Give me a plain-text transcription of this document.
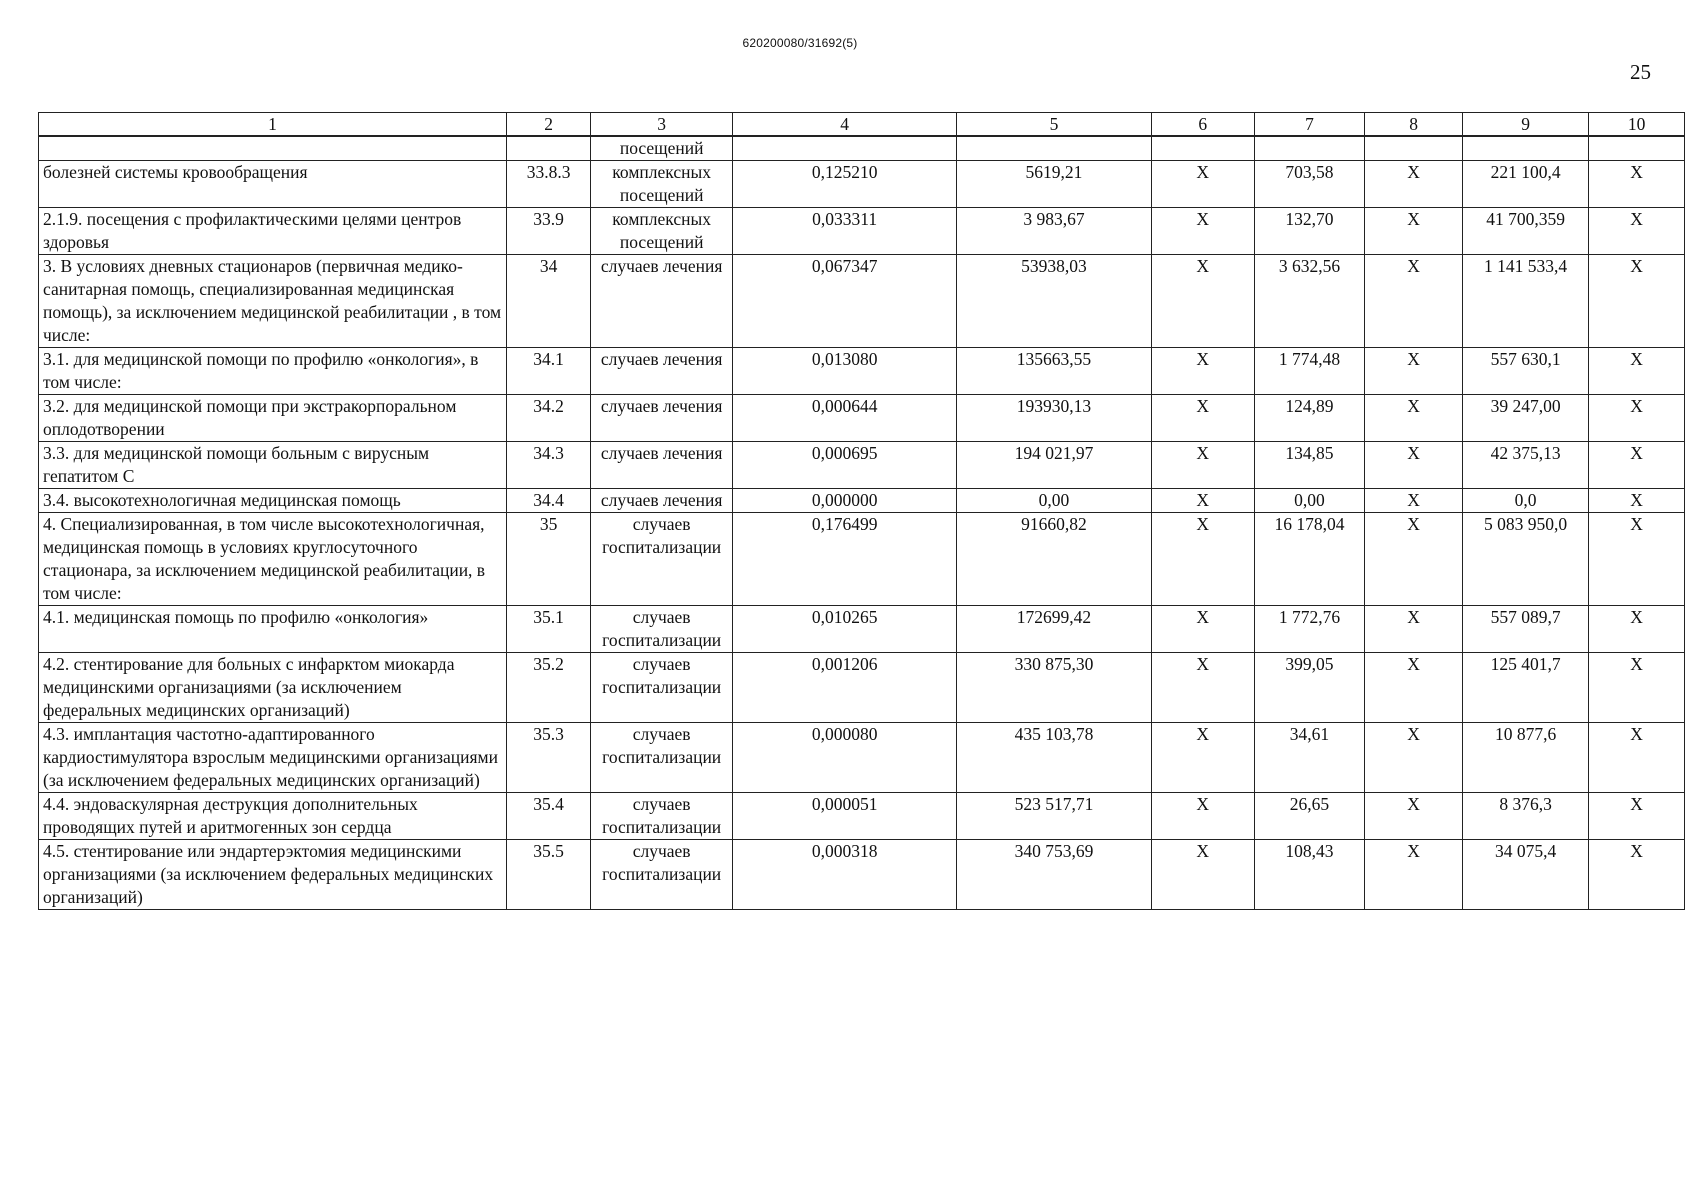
620200080/31692(5)
25
1	2	3	4	5	6	7	8	9	10
		посещений							
болезней системы кровообращения	33.8.3	комплексных посещений	0,125210	5619,21	X	703,58	X	221 100,4	X
2.1.9. посещения с профилактическими целями центров здоровья	33.9	комплексных посещений	0,033311	3 983,67	X	132,70	X	41 700,359	X
3. В условиях дневных стационаров (первичная медико-санитарная помощь, специализированная медицинская помощь), за исключением медицинской реабилитации , в том числе:	34	случаев лечения	0,067347	53938,03	X	3 632,56	X	1 141 533,4	X
3.1. для медицинской помощи по профилю «онкология», в том числе:	34.1	случаев лечения	0,013080	135663,55	X	1 774,48	X	557 630,1	X
3.2. для медицинской помощи при экстракорпоральном оплодотворении	34.2	случаев лечения	0,000644	193930,13	X	124,89	X	39 247,00	X
3.3. для медицинской помощи больным с вирусным гепатитом С	34.3	случаев лечения	0,000695	194 021,97	X	134,85	X	42 375,13	X
3.4. высокотехнологичная медицинская помощь	34.4	случаев лечения	0,000000	0,00	X	0,00	X	0,0	X
4. Специализированная, в том числе высокотехнологичная, медицинская помощь в условиях круглосуточного стационара, за исключением медицинской реабилитации, в том числе:	35	случаев госпитализации	0,176499	91660,82	X	16 178,04	X	5 083 950,0	X
4.1. медицинская помощь по профилю «онкология»	35.1	случаев госпитализации	0,010265	172699,42	X	1 772,76	X	557 089,7	X
4.2. стентирование для больных с инфарктом миокарда медицинскими организациями (за исключением федеральных медицинских организаций)	35.2	случаев госпитализации	0,001206	330 875,30	X	399,05	X	125 401,7	X
4.3. имплантация частотно-адаптированного кардиостимулятора взрослым медицинскими организациями (за исключением федеральных медицинских организаций)	35.3	случаев госпитализации	0,000080	435 103,78	X	34,61	X	10 877,6	X
4.4. эндоваскулярная деструкция дополнительных проводящих путей и аритмогенных зон сердца	35.4	случаев госпитализации	0,000051	523 517,71	X	26,65	X	8 376,3	X
4.5. стентирование или эндартерэктомия медицинскими организациями (за исключением федеральных медицинских организаций)	35.5	случаев госпитализации	0,000318	340 753,69	X	108,43	X	34 075,4	X
